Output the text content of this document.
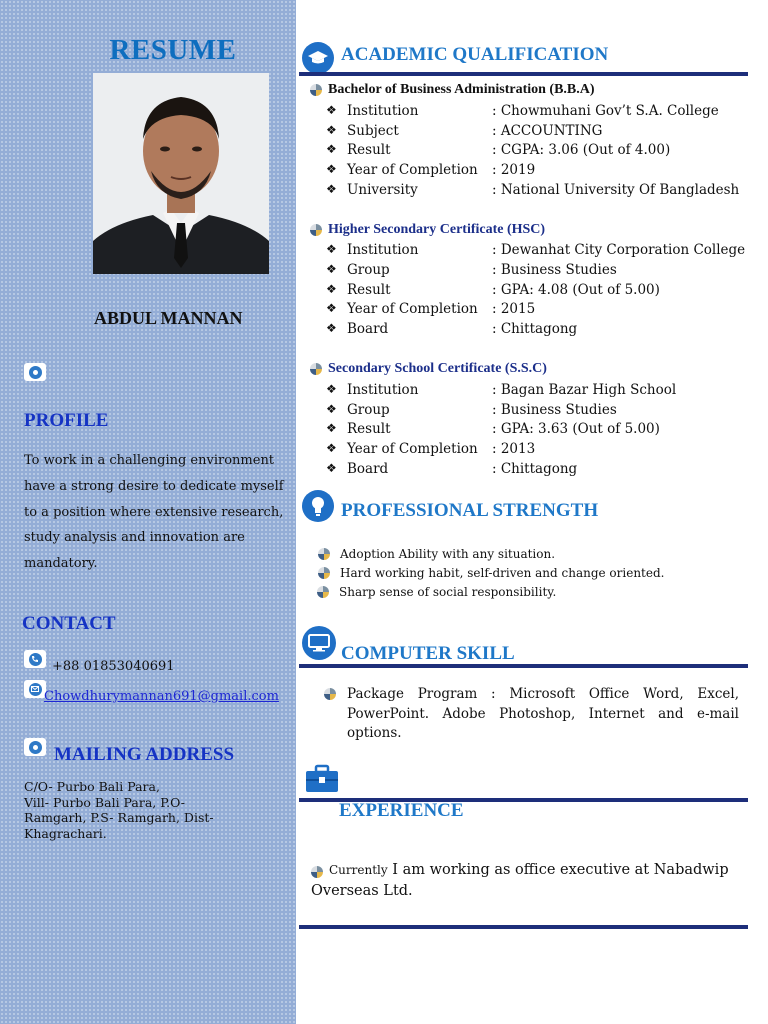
RESUME
ABDUL MANNAN
PROFILE
To work in a challenging environment have a strong desire to dedicate myself to a position where extensive research, study analysis and innovation are mandatory.
CONTACT
+88 01853040691
Chowdhurymannan691@gmail.com
MAILING ADDRESS
C/O- Purbo Bali Para,
Vill- Purbo Bali Para, P.O-
Ramgarh, P.S- Ramgarh, Dist-
Khagrachari.
ACADEMIC QUALIFICATION
Bachelor of Business Administration (B.B.A)
❖ Institution	: Chowmuhani Gov’t S.A. College
❖ Subject	: ACCOUNTING
❖ Result	: CGPA: 3.06 (Out of 4.00)
❖ Year of Completion : 2019
❖ University	: National University Of Bangladesh
Higher Secondary Certificate (HSC)
❖ Institution	: Dewanhat City Corporation College
❖ Group	: Business Studies
❖ Result	: GPA: 4.08 (Out of 5.00)
❖ Year of Completion : 2015
❖ Board	: Chittagong
Secondary School Certificate (S.S.C)
❖ Institution	: Bagan Bazar High School
❖ Group	: Business Studies
❖ Result	: GPA: 3.63 (Out of 5.00)
❖ Year of Completion : 2013
❖ Board	: Chittagong
PROFESSIONAL STRENGTH
Adoption Ability with any situation.
Hard working habit, self-driven and change oriented.
Sharp sense of social responsibility.
COMPUTER SKILL
Package Program : Microsoft Office Word, Excel, PowerPoint. Adobe Photoshop, Internet and e-mail options.
EXPERIENCE
Currently I am working as office executive at Nabadwip Overseas Ltd.
